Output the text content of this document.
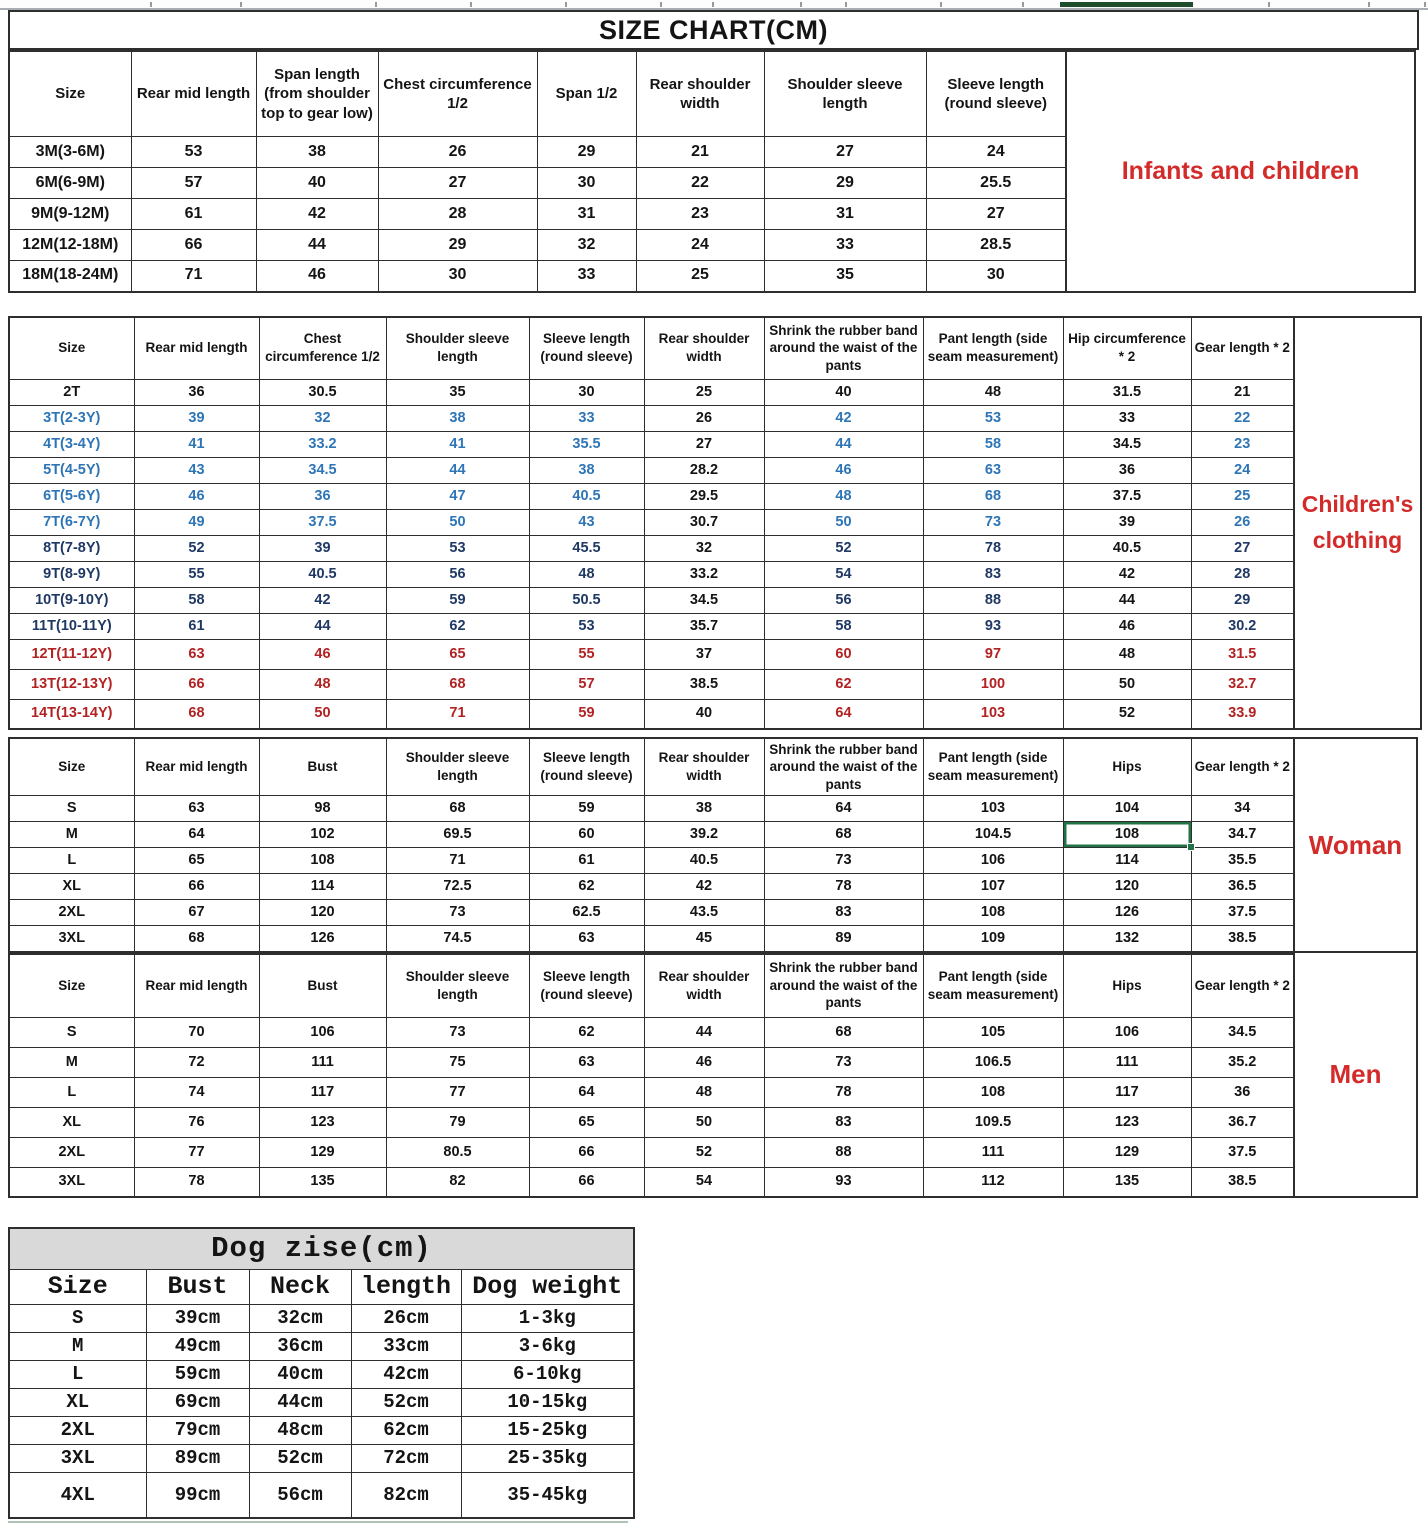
SIZE CHART(CM)
Size	Rear mid length	Span length (from shoulder top to gear low)	Chest circumference 1/2	Span 1/2	Rear shoulder width	Shoulder sleeve length	Sleeve length (round sleeve)
3M(3-6M)	53	38	26	29	21	27	24
6M(6-9M)	57	40	27	30	22	29	25.5
9M(9-12M)	61	42	28	31	23	31	27
12M(12-18M)	66	44	29	32	24	33	28.5
18M(18-24M)	71	46	30	33	25	35	30
Infants and children
Size	Rear mid length	Chest circumference 1/2	Shoulder sleeve length	Sleeve length (round sleeve)	Rear shoulder width	Shrink the rubber band around the waist of the pants	Pant length (side seam measurement)	Hip circumference * 2	Gear length * 2
2T	36	30.5	35	30	25	40	48	31.5	21
3T(2-3Y)	39	32	38	33	26	42	53	33	22
4T(3-4Y)	41	33.2	41	35.5	27	44	58	34.5	23
5T(4-5Y)	43	34.5	44	38	28.2	46	63	36	24
6T(5-6Y)	46	36	47	40.5	29.5	48	68	37.5	25
7T(6-7Y)	49	37.5	50	43	30.7	50	73	39	26
8T(7-8Y)	52	39	53	45.5	32	52	78	40.5	27
9T(8-9Y)	55	40.5	56	48	33.2	54	83	42	28
10T(9-10Y)	58	42	59	50.5	34.5	56	88	44	29
11T(10-11Y)	61	44	62	53	35.7	58	93	46	30.2
12T(11-12Y)	63	46	65	55	37	60	97	48	31.5
13T(12-13Y)	66	48	68	57	38.5	62	100	50	32.7
14T(13-14Y)	68	50	71	59	40	64	103	52	33.9
Children's clothing
Size	Rear mid length	Bust	Shoulder sleeve length	Sleeve length (round sleeve)	Rear shoulder width	Shrink the rubber band around the waist of the pants	Pant length (side seam measurement)	Hips	Gear length * 2
S	63	98	68	59	38	64	103	104	34
M	64	102	69.5	60	39.2	68	104.5	108	34.7
L	65	108	71	61	40.5	73	106	114	35.5
XL	66	114	72.5	62	42	78	107	120	36.5
2XL	67	120	73	62.5	43.5	83	108	126	37.5
3XL	68	126	74.5	63	45	89	109	132	38.5
Woman
Size	Rear mid length	Bust	Shoulder sleeve length	Sleeve length (round sleeve)	Rear shoulder width	Shrink the rubber band around the waist of the pants	Pant length (side seam measurement)	Hips	Gear length * 2
S	70	106	73	62	44	68	105	106	34.5
M	72	111	75	63	46	73	106.5	111	35.2
L	74	117	77	64	48	78	108	117	36
XL	76	123	79	65	50	83	109.5	123	36.7
2XL	77	129	80.5	66	52	88	111	129	37.5
3XL	78	135	82	66	54	93	112	135	38.5
Men
Dog zise(cm)				
Size	Bust	Neck	length	Dog weight
S	39cm	32cm	26cm	1-3kg
M	49cm	36cm	33cm	3-6kg
L	59cm	40cm	42cm	6-10kg
XL	69cm	44cm	52cm	10-15kg
2XL	79cm	48cm	62cm	15-25kg
3XL	89cm	52cm	72cm	25-35kg
4XL	99cm	56cm	82cm	35-45kg
